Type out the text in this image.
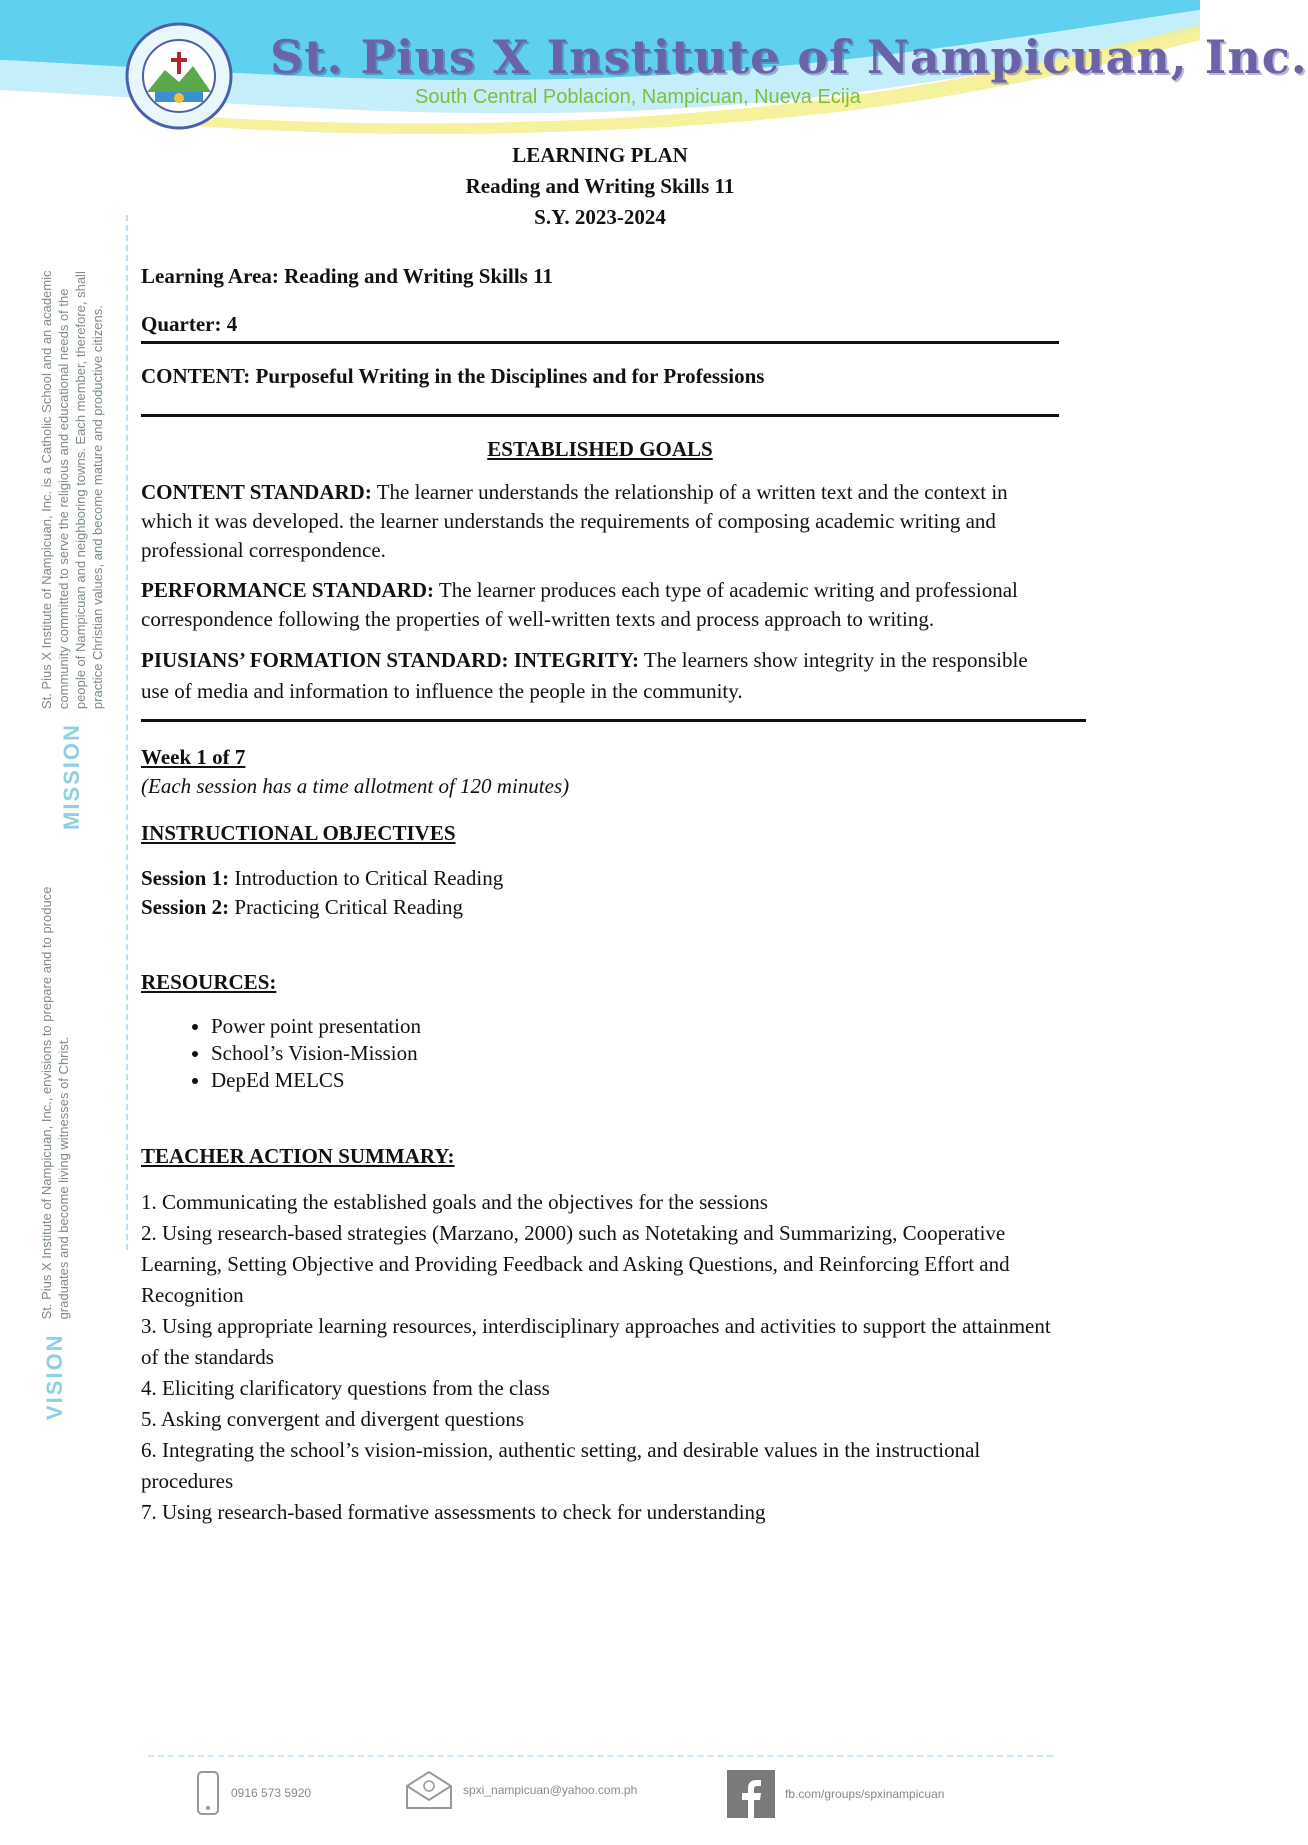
St. Pius X Institute of Nampicuan, Inc.
South Central Poblacion, Nampicuan, Nueva Ecija
MISSION
St. Pius X Institute of Nampicuan, Inc. is a Catholic School and an academic community committed to serve the religious and educational needs of the people of Nampicuan and neighboring towns. Each member, therefore, shall practice Christian values, and become mature and productive citizens.
VISION
St. Pius X Institute of Nampicuan, Inc., envisions to prepare and to produce graduates and become living witnesses of Christ.
LEARNING PLAN
Reading and Writing Skills 11
S.Y. 2023-2024

Learning Area: Reading and Writing Skills 11

Quarter: 4

CONTENT: Purposeful Writing in the Disciplines and for Professions

ESTABLISHED GOALS

CONTENT STANDARD: The learner understands the relationship of a written text and the context in which it was developed. the learner understands the requirements of composing academic writing and professional correspondence.

PERFORMANCE STANDARD: The learner produces each type of academic writing and professional correspondence following the properties of well-written texts and process approach to writing.

PIUSIANS’ FORMATION STANDARD: INTEGRITY: The learners show integrity in the responsible use of media and information to influence the people in the community.

Week 1 of 7

(Each session has a time allotment of 120 minutes)

INSTRUCTIONAL OBJECTIVES

Session 1: Introduction to Critical Reading

Session 2: Practicing Critical Reading

RESOURCES:

• Power point presentation
• School’s Vision-Mission
• DepEd MELCS

TEACHER ACTION SUMMARY:

1. Communicating the established goals and the objectives for the sessions

2. Using research-based strategies (Marzano, 2000) such as Notetaking and Summarizing, Cooperative Learning, Setting Objective and Providing Feedback and Asking Questions, and Reinforcing Effort and Recognition

3. Using appropriate learning resources, interdisciplinary approaches and activities to support the attainment of the standards

4. Eliciting clarificatory questions from the class

5. Asking convergent and divergent questions

6. Integrating the school’s vision-mission, authentic setting, and desirable values in the instructional procedures

7. Using research-based formative assessments to check for understanding

0916 573 5920	spxi_nampicuan@yahoo.com.ph	fb.com/groups/spxinampicuan
